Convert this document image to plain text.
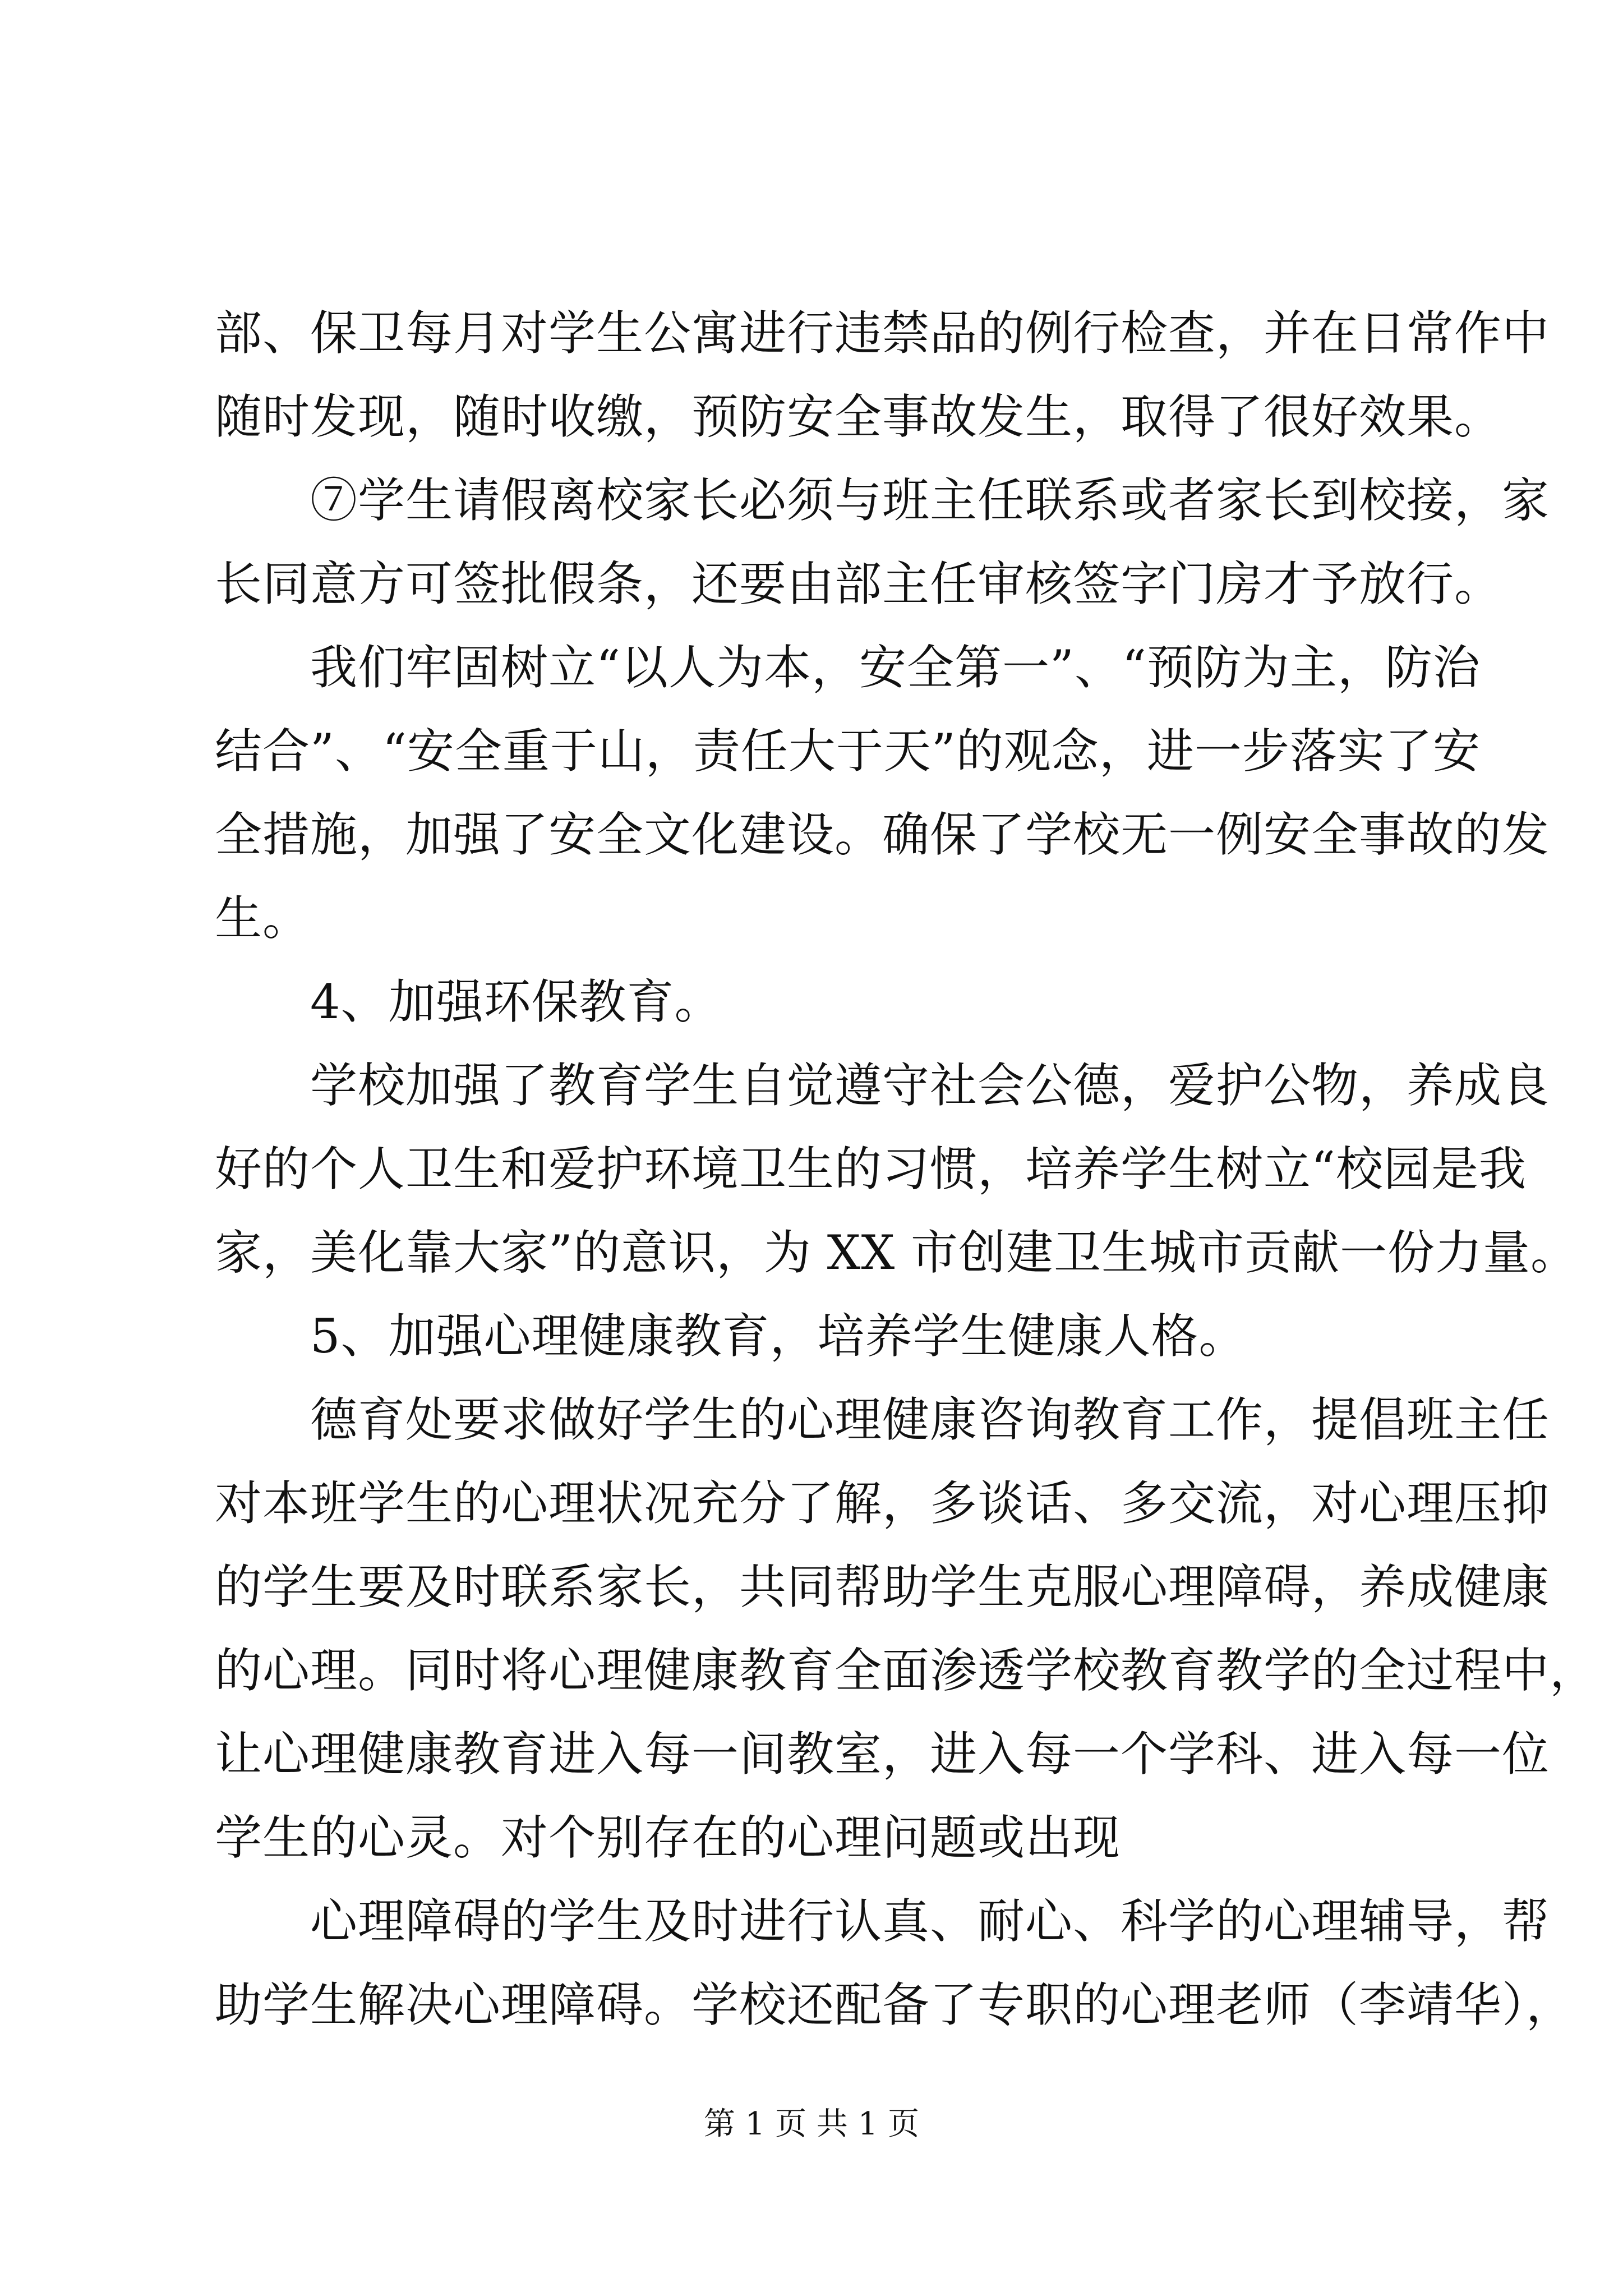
部、保卫每月对学生公寓进行违禁品的例行检查，并在日常作中
随时发现，随时收缴，预防安全事故发生，取得了很好效果。
　　⑦学生请假离校家长必须与班主任联系或者家长到校接，家
长同意方可签批假条，还要由部主任审核签字门房才予放行。
　　我们牢固树立“以人为本，安全第一”、“预防为主，防治
结合”、“安全重于山，责任大于天”的观念，进一步落实了安
全措施，加强了安全文化建设。确保了学校无一例安全事故的发
生。
　　4、加强环保教育。
　　学校加强了教育学生自觉遵守社会公德，爱护公物，养成良
好的个人卫生和爱护环境卫生的习惯，培养学生树立“校园是我
家，美化靠大家”的意识，为 XX 市创建卫生城市贡献一份力量。
　　5、加强心理健康教育，培养学生健康人格。
　　德育处要求做好学生的心理健康咨询教育工作，提倡班主任
对本班学生的心理状况充分了解，多谈话、多交流，对心理压抑
的学生要及时联系家长，共同帮助学生克服心理障碍，养成健康
的心理。同时将心理健康教育全面渗透学校教育教学的全过程中，
让心理健康教育进入每一间教室，进入每一个学科、进入每一位
学生的心灵。对个别存在的心理问题或出现
　　心理障碍的学生及时进行认真、耐心、科学的心理辅导，帮
助学生解决心理障碍。学校还配备了专职的心理老师（李靖华），
第 1 页 共 1 页
